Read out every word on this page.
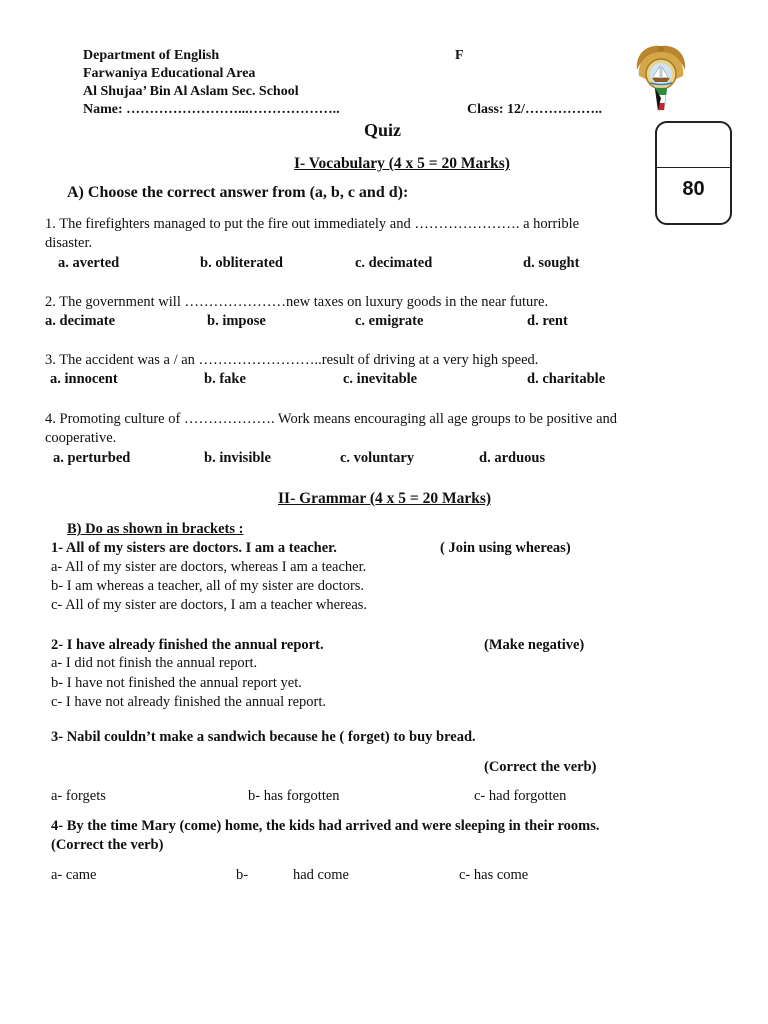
Department of English
Farwaniya Educational Area
Al Shujaa’ Bin Al Aslam Sec. School
Name: ……………………...………………..
F
Class: 12/……………..
80
Quiz
I- Vocabulary (4 x 5 = 20 Marks)
A) Choose the correct answer from (a, b, c and d):
1. The firefighters managed to put the fire out immediately and …………………. a horrible
disaster.
a. averted	b. obliterated	c. decimated	d. sought
2. The government will …………………new taxes on luxury goods in the near future.
a. decimate	b. impose	c. emigrate	d. rent
3. The accident was a / an ……………………..result of driving at a very high speed.
a. innocent	b. fake	c. inevitable	d. charitable
4. Promoting culture of ………………. Work means encouraging all age groups to be positive and
cooperative.
a. perturbed	b. invisible	c. voluntary	d. arduous
II- Grammar (4 x 5 = 20 Marks)
B) Do as shown in brackets :
1- All of my sisters are doctors. I am a teacher.	( Join using whereas)
a- All of my sister are doctors, whereas I am a teacher.
b- I am whereas a teacher, all of my sister are doctors.
c- All of my sister are doctors, I am a teacher whereas.
2- I have already finished the annual report.	(Make negative)
a- I did not finish the annual report.
b- I have not finished the annual report yet.
c- I have not already finished the annual report.
3- Nabil couldn’t make a sandwich because he ( forget) to buy bread.
(Correct the verb)
a- forgets	b- has forgotten	c- had forgotten
4- By the time Mary (come) home, the kids had arrived and were sleeping in their rooms.
(Correct the verb)
a- came	b-	had come	c- has come
